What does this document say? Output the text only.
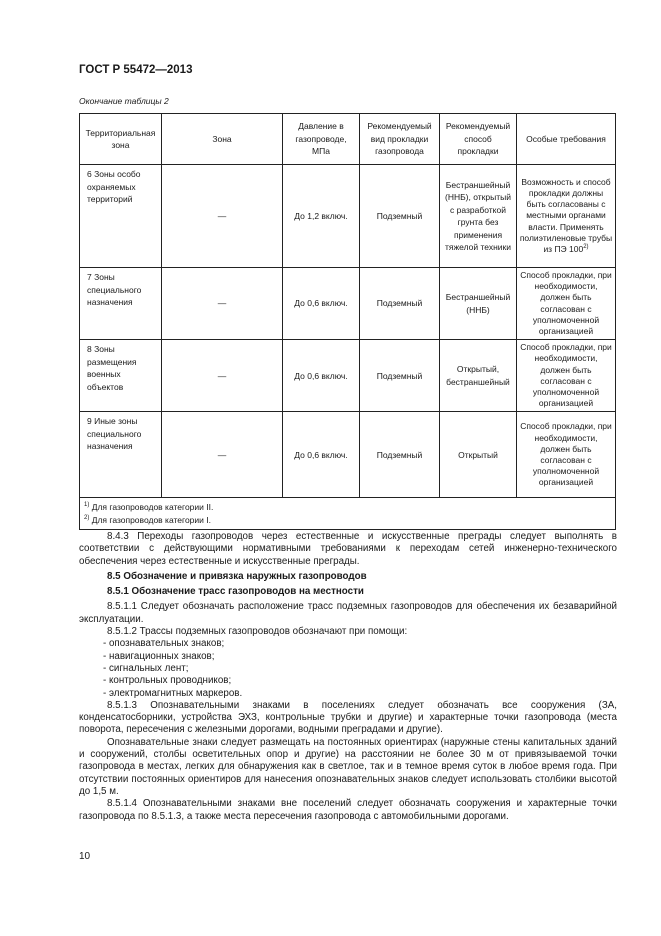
ГОСТ Р 55472—2013
Окончание таблицы 2
Территориальная зона	Зона	Давление в газопроводе, МПа	Рекомендуемый вид прокладки газопровода	Рекомендуемый способ прокладки	Особые требования
6 Зоны особо охраняемых территорий	—	До 1,2 включ.	Подземный	Бестраншейный (ННБ), открытый с разработкой грунта без применения тяжелой техники	Возможность и способ прокладки должны быть согласованы с местными органами власти. Применять полиэтиленовые трубы из ПЭ 100$^{2)}$
7 Зоны специального назначения	—	До 0,6 включ.	Подземный	Бестраншейный (ННБ)	Способ прокладки, при необходимости, должен быть согласован с уполномоченной организацией
8 Зоны размещения военных объектов	—	До 0,6 включ.	Подземный	Открытый, бестраншейный	Способ прокладки, при необходимости, должен быть согласован с уполномоченной организацией
9 Иные зоны специального назначения	—	До 0,6 включ.	Подземный	Открытый	Способ прокладки, при необходимости, должен быть согласован с уполномоченной организацией

$^{1)}$ Для газопроводов категории II.
$^{2)}$ Для газопроводов категории I.					

8.4.3 Переходы газопроводов через естественные и искусственные преграды следует выполнять в соответствии с действующими нормативными требованиями к переходам сетей инженерно-технического обеспечения через естественные и искусственные преграды.

8.5 Обозначение и привязка наружных газопроводов

8.5.1 Обозначение трасс газопроводов на местности

8.5.1.1 Следует обозначать расположение трасс подземных газопроводов для обеспечения их безаварийной эксплуатации.

8.5.1.2 Трассы подземных газопроводов обозначают при помощи:

- опознавательных знаков;

- навигационных знаков;

- сигнальных лент;

- контрольных проводников;

- электромагнитных маркеров.

8.5.1.3 Опознавательными знаками в поселениях следует обозначать все сооружения (ЗА, конденсатосборники, устройства ЭХЗ, контрольные трубки и другие) и характерные точки газопровода (места поворота, пересечения с железными дорогами, водными преградами и другие).

Опознавательные знаки следует размещать на постоянных ориентирах (наружные стены капитальных зданий и сооружений, столбы осветительных опор и другие) на расстоянии не более 30 м от привязываемой точки газопровода в местах, легких для обнаружения как в светлое, так и в темное время суток в любое время года. При отсутствии постоянных ориентиров для нанесения опознавательных знаков следует использовать столбики высотой до 1,5 м.

8.5.1.4 Опознавательными знаками вне поселений следует обозначать сооружения и характерные точки газопровода по 8.5.1.3, а также места пересечения газопровода с автомобильными дорогами.

10
